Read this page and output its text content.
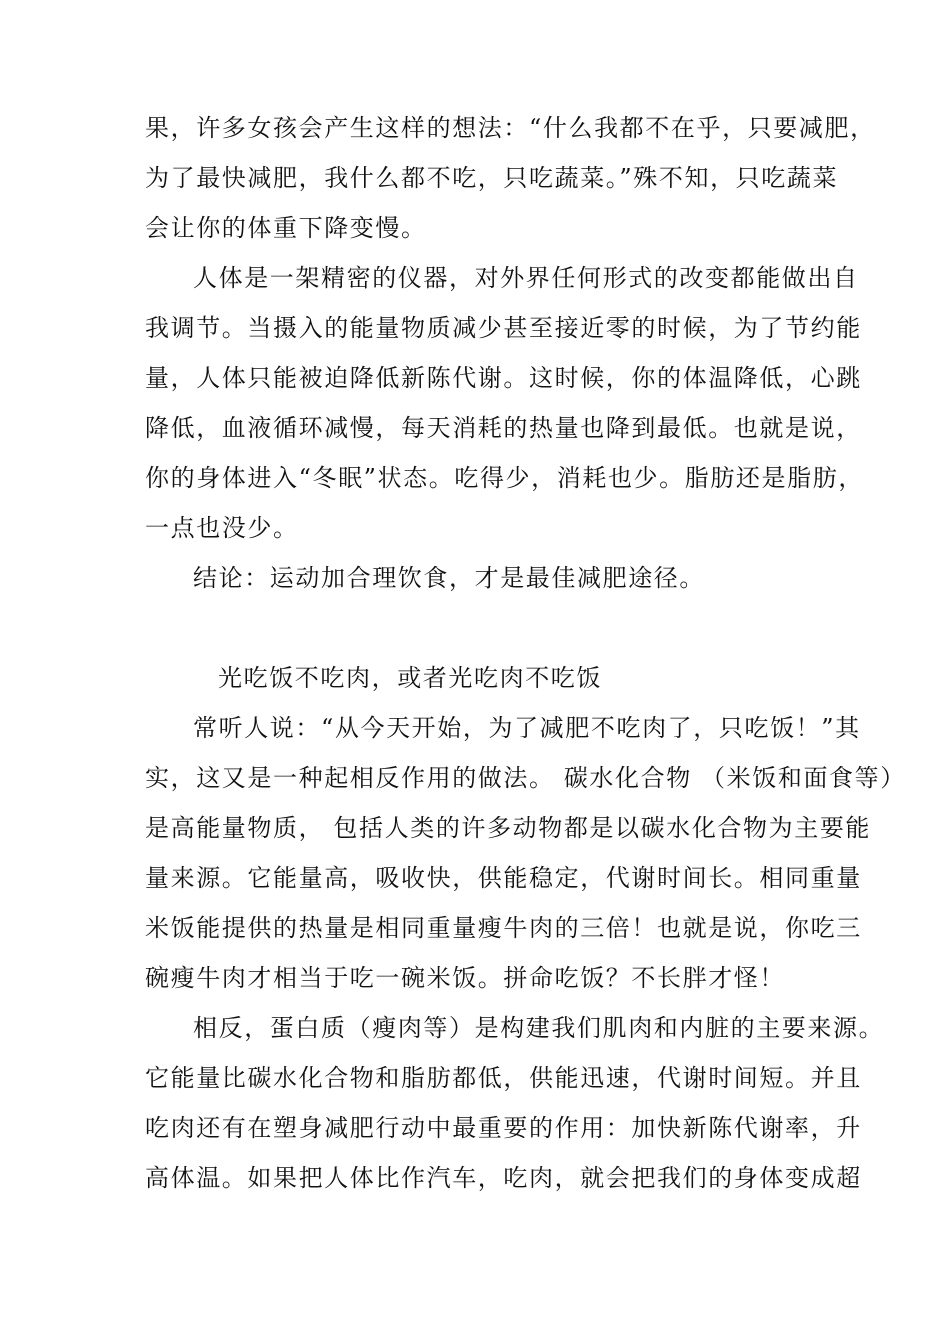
果，许多女孩会产生这样的想法：“什么我都不在乎，只要减肥，
为了最快减肥，我什么都不吃，只吃蔬菜。”殊不知，只吃蔬菜
会让你的体重下降变慢。
人体是一架精密的仪器，对外界任何形式的改变都能做出自
我调节。当摄入的能量物质减少甚至接近零的时候，为了节约能
量，人体只能被迫降低新陈代谢。这时候，你的体温降低，心跳
降低，血液循环减慢，每天消耗的热量也降到最低。也就是说，
你的身体进入“冬眠”状态。吃得少，消耗也少。脂肪还是脂肪，
一点也没少。
结论：运动加合理饮食，才是最佳减肥途径。
光吃饭不吃肉，或者光吃肉不吃饭
常听人说：“从今天开始，为了减肥不吃肉了，只吃饭！”其
实，这又是一种起相反作用的做法。 碳水化合物 （米饭和面食等）
是高能量物质， 包括人类的许多动物都是以碳水化合物为主要能
量来源。它能量高，吸收快，供能稳定，代谢时间长。相同重量
米饭能提供的热量是相同重量瘦牛肉的三倍！也就是说，你吃三
碗瘦牛肉才相当于吃一碗米饭。拼命吃饭？不长胖才怪！
相反，蛋白质（瘦肉等）是构建我们肌肉和内脏的主要来源。
它能量比碳水化合物和脂肪都低，供能迅速，代谢时间短。并且
吃肉还有在塑身减肥行动中最重要的作用：加快新陈代谢率，升
高体温。如果把人体比作汽车，吃肉，就会把我们的身体变成超
